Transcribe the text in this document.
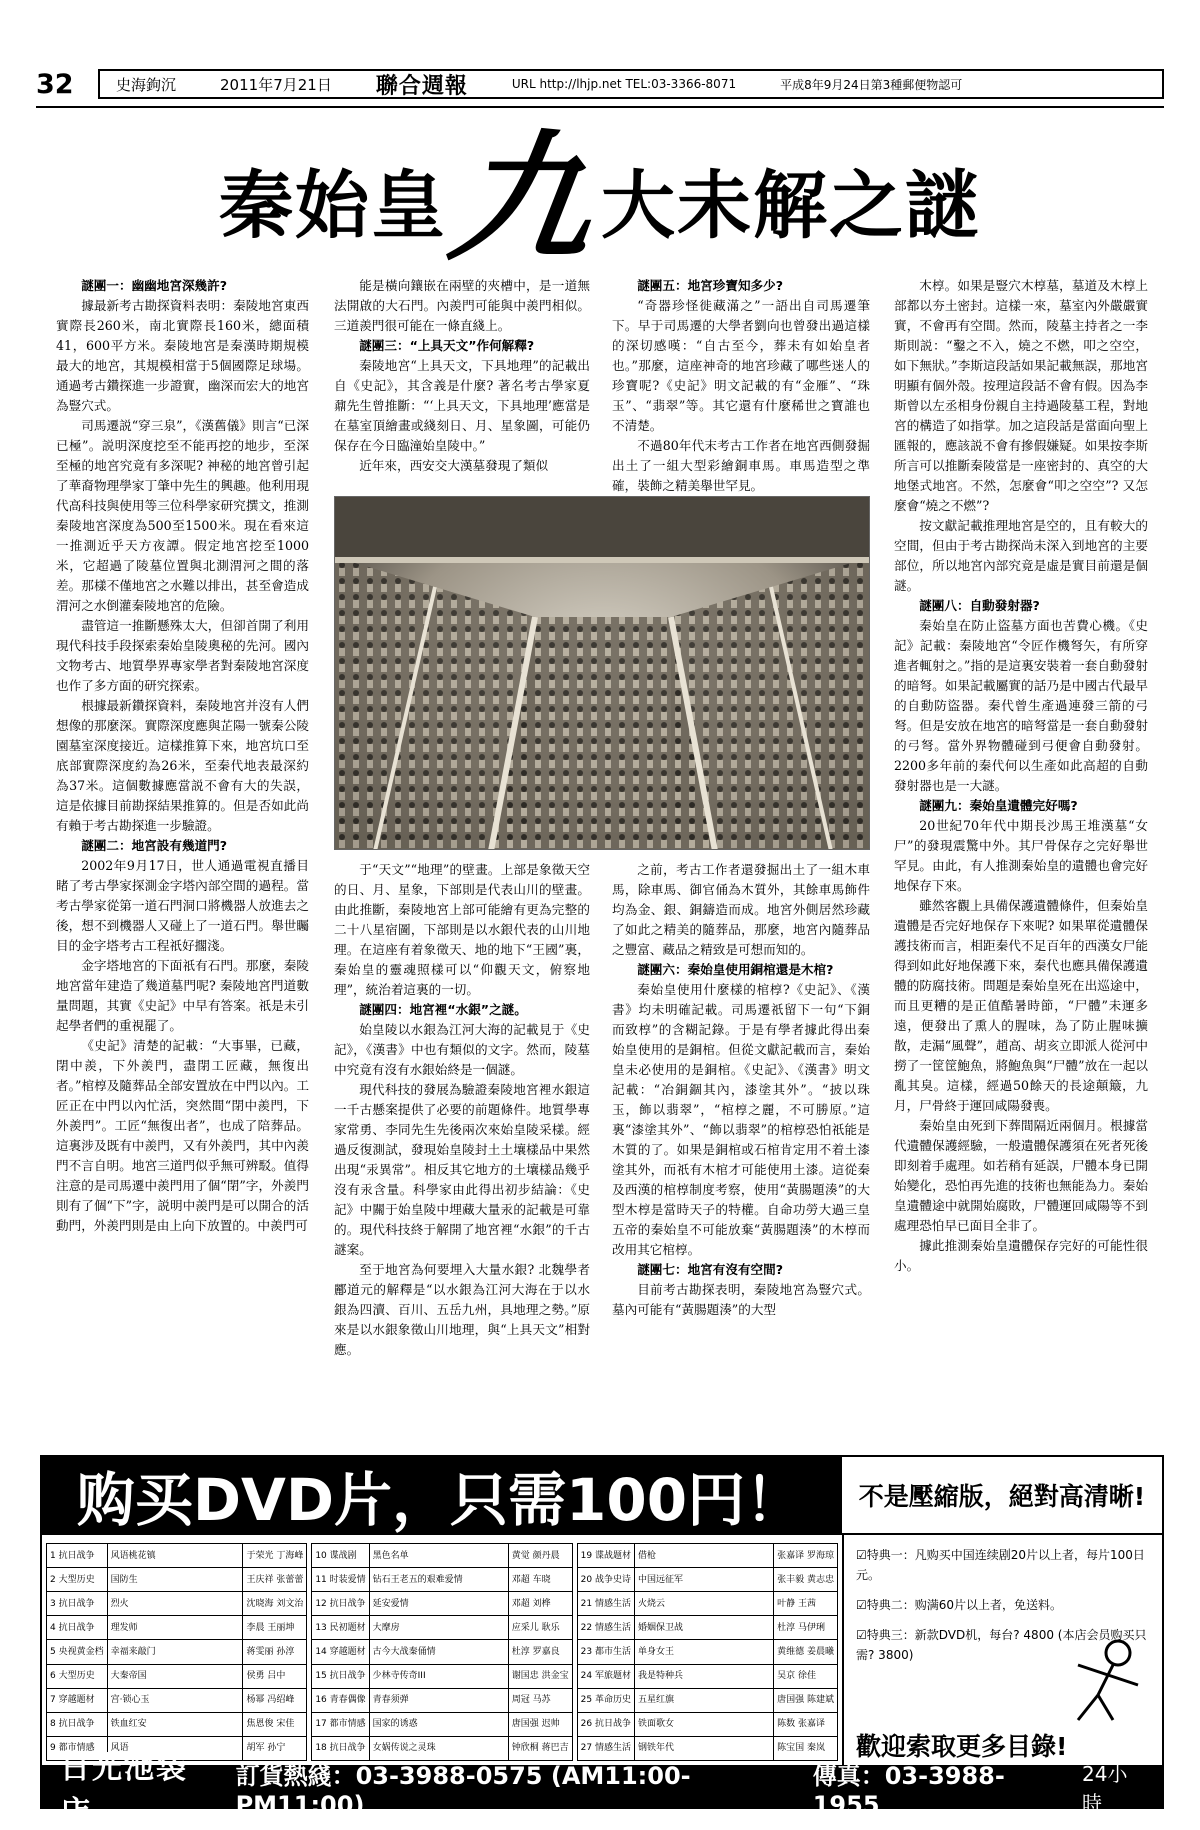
32	史海鉤沉	2011年7月21日 聯合週報	URL http://lhjp.net TEL:03-3366-8071	平成8年9月24日第3種郵便物認可
秦始皇
九
大未解之謎
謎團一：幽幽地宮深幾許?

據最新考古勘探資料表明：秦陵地宮東西實際長260米，南北實際長160米，總面積41，600平方米。秦陵地宮是秦漢時期規模最大的地宮，其規模相當于5個國際足球場。通過考古鑽探進一步證實，幽深而宏大的地宮為豎穴式。

司馬遷説“穿三泉”，《漢舊儀》則言“已深已極”。説明深度挖至不能再挖的地步，至深至極的地宮究竟有多深呢? 神秘的地宮曾引起了華裔物理學家丁肇中先生的興趣。他利用現代高科技與使用等三位科學家研究撰文，推測秦陵地宮深度為500至1500米。現在看來這一推測近乎天方夜譚。假定地宮挖至1000米，它超過了陵墓位置與北測渭河之間的落差。那樣不僅地宮之水難以排出，甚至會造成渭河之水倒灌秦陵地宮的危險。

盡管這一推斷懸殊太大，但卻首開了利用現代科技手段探索秦始皇陵奧秘的先河。國內文物考古、地質學界專家學者對秦陵地宮深度也作了多方面的研究探索。

根據最新鑽探資料，秦陵地宮并沒有人們想像的那麼深。實際深度應與芷陽一號秦公陵園墓室深度接近。這樣推算下來，地宮坑口至底部實際深度約為26米，至秦代地表最深約為37米。這個數據應當説不會有大的失誤，這是依據目前勘探結果推算的。但是否如此尚有賴于考古勘探進一步驗證。

謎團二：地宮設有幾道門?

2002年9月17日，世人通過電視直播目睹了考古學家探測金字塔內部空間的過程。當考古學家從第一道石門洞口將機器人放進去之後，想不到機器人又碰上了一道石門。舉世矚目的金字塔考古工程祇好擱淺。

金字塔地宮的下面祇有石門。那麼，秦陵地宮當年建造了幾道墓門呢? 秦陵地宮門道數量問題，其實《史記》中早有答案。祇是未引起學者們的重視罷了。

《史記》清楚的記載：“大事畢，已藏，閉中羨，下外羨門，盡閉工匠藏，無復出者。”棺椁及隨葬品全部安置放在中門以內。工匠正在中門以內忙活，突然間“閉中羨門，下外羨門”。工匠“無復出者”，也成了陪葬品。這裏涉及既有中羨門，又有外羨門，其中內羨門不言自明。地宮三道門似乎無可辨駁。值得注意的是司馬遷中羨門用了個“閉”字，外羨門則有了個“下”字，説明中羨門是可以開合的活動門，外羨門則是由上向下放置的。中羨門可

能是橫向鑲嵌在兩壁的夾槽中，是一道無法開啟的大石門。內羨門可能與中羨門相似。三道羨門很可能在一條直綫上。

謎團三：“上具天文”作何解釋?

秦陵地宮“上具天文，下具地理”的記載出自《史記》，其含義是什麼? 著名考古學家夏鼐先生曾推斷：“‘上具天文，下具地理’應當是在墓室頂繪畫或綫刻日、月、星象圖，可能仍保存在今日臨潼始皇陵中。”

近年來，西安交大漢墓發現了類似

謎團五：地宮珍寶知多少?

“奇器珍怪徙藏滿之”一語出自司馬遷筆下。早于司馬遷的大學者劉向也曾發出過這樣的深切感嘆：“自古至今，葬未有如始皇者也。”那麼，這座神奇的地宮珍藏了哪些迷人的珍寶呢?《史記》明文記載的有“金雁”、“珠玉”、“翡翠”等。其它還有什麼稀世之寶誰也不清楚。

不過80年代末考古工作者在地宮西側發掘出土了一組大型彩繪銅車馬。車馬造型之準確，裝飾之精美舉世罕見。

木椁。如果是豎穴木椁墓，墓道及木椁上部都以夯土密封。這樣一來，墓室內外嚴嚴實實，不會再有空間。然而，陵墓主持者之一李斯則説：“鑿之不入，燒之不燃，叩之空空，如下無狀。”李斯這段話如果記載無誤，那地宮明顯有個外殼。按理這段話不會有假。因為李斯曾以左丞相身份親自主持過陵墓工程，對地宮的構造了如指掌。加之這段話是當面向聖上匯報的，應該説不會有摻假嫌疑。如果按李斯所言可以推斷秦陵當是一座密封的、真空的大地堡式地宮。不然，怎麼會“叩之空空”? 又怎麼會“燒之不燃”?

按文獻記載推理地宮是空的，且有較大的空間，但由于考古勘探尚未深入到地宮的主要部位，所以地宮內部究竟是虛是實目前還是個謎。

謎團八：自動發射器?

秦始皇在防止盜墓方面也苦費心機。《史記》記載：秦陵地宮“令匠作機弩矢，有所穿進者輒射之。”指的是這裏安裝着一套自動發射的暗弩。如果記載屬實的話乃是中國古代最早的自動防盜器。秦代曾生產過連發三箭的弓弩。但是安放在地宮的暗弩當是一套自動發射的弓弩。當外界物體碰到弓便會自動發射。2200多年前的秦代何以生產如此高超的自動發射器也是一大謎。

謎團九：秦始皇遺體完好嗎?

20世紀70年代中期長沙馬王堆漢墓“女尸”的發現震驚中外。其尸骨保存之完好舉世罕見。由此，有人推測秦始皇的遺體也會完好地保存下來。

雖然客觀上具備保護遺體條件，但秦始皇遺體是否完好地保存下來呢? 如果單從遺體保護技術而言，相距秦代不足百年的西漢女尸能得到如此好地保護下來，秦代也應具備保護遺體的防腐技術。問題是秦始皇死在出巡途中，而且更糟的是正值酷暑時節，“尸體”未運多遠，便發出了熏人的腥味，為了防止腥味擴散，走漏“風聲”，趙高、胡亥立即派人從河中撈了一筐筐鮑魚，將鮑魚與“尸體”放在一起以亂其臭。這樣，經過50餘天的長途顛簸，九月，尸骨終于運回咸陽發喪。

秦始皇由死到下葬間隔近兩個月。根據當代遺體保護經驗，一般遺體保護須在死者死後即刻着手處理。如若稍有延誤，尸體本身已開始變化，恐怕再先進的技術也無能為力。秦始皇遺體途中就開始腐敗，尸體運回咸陽等不到處理恐怕早已面目全非了。

據此推測秦始皇遺體保存完好的可能性很小。

于“天文”“地理”的壁畫。上部是象徵天空的日、月、星象，下部則是代表山川的壁畫。由此推斷，秦陵地宮上部可能繪有更為完整的二十八星宿圖，下部則是以水銀代表的山川地理。在這座有着象徵天、地的地下“王國”裏，秦始皇的靈魂照樣可以“仰觀天文，俯察地理”，統治着這裏的一切。

謎團四：地宮裡“水銀”之謎。

始皇陵以水銀為江河大海的記載見于《史記》，《漢書》中也有類似的文字。然而，陵墓中究竟有沒有水銀始終是一個謎。

現代科技的發展為驗證秦陵地宮裡水銀這一千古懸案提供了必要的前題條件。地質學專家常勇、李同先生先後兩次來始皇陵采樣。經過反復測試，發現始皇陵封土土壤樣品中果然出現“汞異常”。相反其它地方的土壤樣品幾乎沒有汞含量。科學家由此得出初步結論：《史記》中關于始皇陵中埋藏大量汞的記載是可靠的。現代科技終于解開了地宮裡“水銀”的千古謎案。

至于地宮為何要埋入大量水銀? 北魏學者酈道元的解釋是“以水銀為江河大海在于以水銀為四瀆、百川、五岳九州，具地理之勢。”原來是以水銀象徵山川地理，與“上具天文”相對應。

之前，考古工作者還發掘出土了一組木車馬，除車馬、御官俑為木質外，其餘車馬飾件均為金、銀、銅鑄造而成。地宮外側居然珍藏了如此之精美的隨葬品，那麼，地宮內隨葬品之豐富、藏品之精致是可想而知的。

謎團六：秦始皇使用銅棺還是木棺?

秦始皇使用什麼樣的棺椁?《史記》、《漢書》均未明確記載。司馬遷祇留下一句“下銅而致椁”的含糊記錄。于是有學者據此得出秦始皇使用的是銅棺。但從文獻記載而言，秦始皇未必使用的是銅棺。《史記》、《漢書》明文記載：“冶銅錮其內，漆塗其外”。“披以珠玉，飾以翡翠”，“棺椁之麗，不可勝原。”這裏“漆塗其外”、“飾以翡翠”的棺椁恐怕祇能是木質的了。如果是銅棺或石棺肯定用不着土漆塗其外，而祇有木棺才可能使用土漆。這從秦及西漢的棺椁制度考察，使用“黃腸題湊”的大型木椁是當時天子的特權。自命功勞大過三皇五帝的秦始皇不可能放棄“黃腸題湊”的木椁而改用其它棺椁。

謎團七：地宮有沒有空間?

目前考古勘探表明，秦陵地宮為豎穴式。墓內可能有“黃腸題湊”的大型

购买DVD片，只需100円！	不是壓縮版，絕對高清晰!
1 抗日战争	风语桃花镇	于荣光 丁海峰
2 大型历史	国防生	王庆祥 张蕾蕾
3 抗日战争	烈火	沈晓海 刘文治
4 抗日战争	理发师	李晨 王丽坤
5 央视黄金档	幸福来敲门	蒋雯丽 孙淳
6 大型历史	大秦帝国	侯勇 吕中
7 穿越题材	宫·锁心玉	杨幂 冯绍峰
8 抗日战争	铁血红安	焦恩俊 宋佳
9 都市情感	风语	胡军 孙宁
10 谍战剧	黑色名单	黄觉 颜丹晨
11 时装爱情	钻石王老五的艰难爱情	邓超 车晓
12 抗日战争	延安爱情	邓超 刘桦
13 民初题材	大摩房	应采儿 耿乐
14 穿越题材	古今大战秦俑情	杜淳 罗嘉良
15 抗日战争	少林寺传奇III	谢国忠 洪金宝
16 青春偶像	青春须弹	周冠 马苏
17 都市情感	国家的诱惑	唐国强 迟帅
18 抗日战争	女娲传说之灵珠	钟欣桐 蒋巴吉
19 谍战题材	借枪	张嘉译 罗海琼
20 战争史诗	中国远征军	张丰毅 黄志忠
21 情感生活	火烧云	叶静 王茜
22 情感生活	婚姻保卫战	杜淳 马伊琍
23 都市生活	单身女王	黄维德 姜晨曦
24 军旅题材	我是特种兵	吴京 徐佳
25 革命历史	五星红旗	唐国强 陈建斌
26 抗日战争	铁面歌女	陈数 张嘉译
27 情感生活	钢铁年代	陈宝国 秦岚
☑特典一：凡购买中国连续剧20片以上者，每片100日元。
☑特典二：购满60片以上者，免送料。
☑特典三：新款DVD机，每台? 4800 (本店会员购买只需? 3800)
歡迎索取更多目錄!
日光池袋店
訂貨熱綫：03-3988-0575 (AM11:00-PM11:00)
傳真：03-3988-1955
24小時
